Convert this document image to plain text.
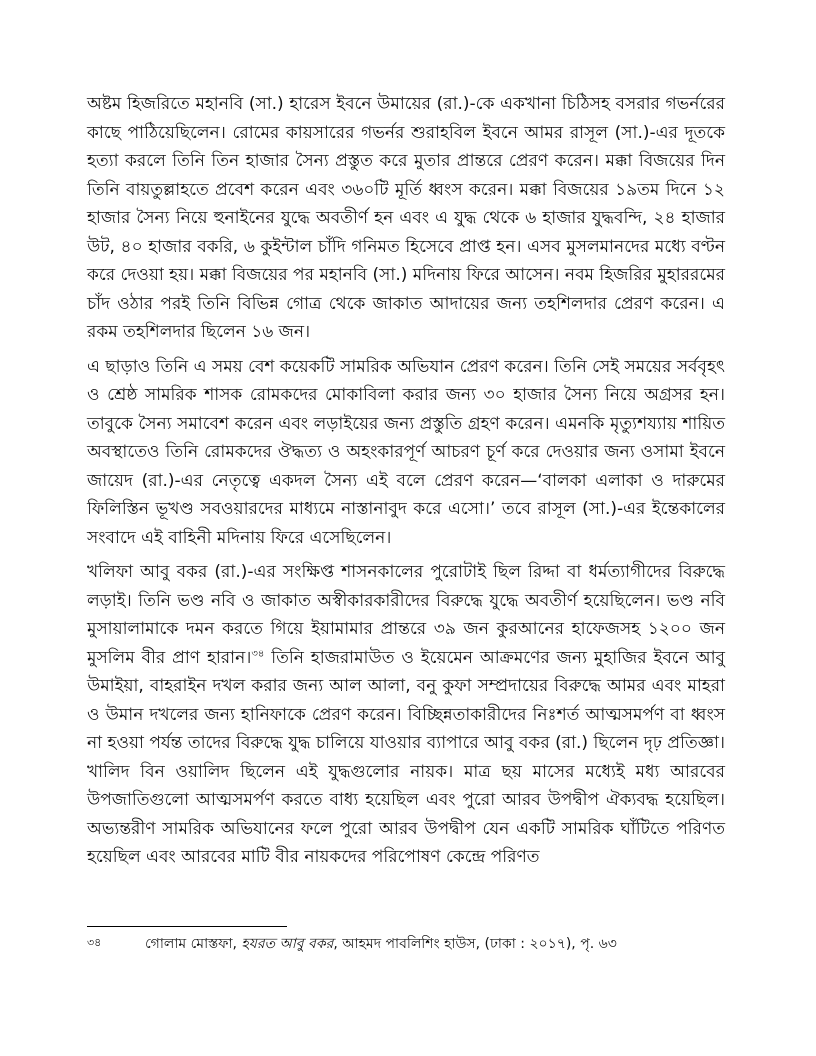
অষ্টম হিজরিতে মহানবি (সা.) হারেস ইবনে উমায়ের (রা.)-কে একখানা চিঠিসহ বসরার গভর্নরের কাছে পাঠিয়েছিলেন। রোমের কায়সারের গভর্নর শুরাহবিল ইবনে আমর রাসূল (সা.)-এর দূতকে হত্যা করলে তিনি তিন হাজার সৈন্য প্রস্তুত করে মুতার প্রান্তরে প্রেরণ করেন। মক্কা বিজয়ের দিন তিনি বায়তুল্লাহতে প্রবেশ করেন এবং ৩৬০টি মূর্তি ধ্বংস করেন। মক্কা বিজয়ের ১৯তম দিনে ১২ হাজার সৈন্য নিয়ে হুনাইনের যুদ্ধে অবতীর্ণ হন এবং এ যুদ্ধ থেকে ৬ হাজার যুদ্ধবন্দি, ২৪ হাজার উট, ৪০ হাজার বকরি, ৬ কুইন্টাল চাঁদি গনিমত হিসেবে প্রাপ্ত হন। এসব মুসলমানদের মধ্যে বণ্টন করে দেওয়া হয়। মক্কা বিজয়ের পর মহানবি (সা.) মদিনায় ফিরে আসেন। নবম হিজরির মুহাররমের চাঁদ ওঠার পরই তিনি বিভিন্ন গোত্র থেকে জাকাত আদায়ের জন্য তহশিলদার প্রেরণ করেন। এ রকম তহশিলদার ছিলেন ১৬ জন।

এ ছাড়াও তিনি এ সময় বেশ কয়েকটি সামরিক অভিযান প্রেরণ করেন। তিনি সেই সময়ের সর্ববৃহৎ ও শ্রেষ্ঠ সামরিক শাসক রোমকদের মোকাবিলা করার জন্য ৩০ হাজার সৈন্য নিয়ে অগ্রসর হন। তাবুকে সৈন্য সমাবেশ করেন এবং লড়াইয়ের জন্য প্রস্তুতি গ্রহণ করেন। এমনকি মৃত্যুশয্যায় শায়িত অবস্থাতেও তিনি রোমকদের ঔদ্ধত্য ও অহংকারপূর্ণ আচরণ চূর্ণ করে দেওয়ার জন্য ওসামা ইবনে জায়েদ (রা.)-এর নেতৃত্বে একদল সৈন্য এই বলে প্রেরণ করেন—‘বালকা এলাকা ও দারুমের ফিলিস্তিন ভূখণ্ড সবওয়ারদের মাধ্যমে নাস্তানাবুদ করে এসো।’ তবে রাসূল (সা.)-এর ইন্তেকালের সংবাদে এই বাহিনী মদিনায় ফিরে এসেছিলেন।

খলিফা আবু বকর (রা.)-এর সংক্ষিপ্ত শাসনকালের পুরোটাই ছিল রিদ্দা বা ধর্মত্যাগীদের বিরুদ্ধে লড়াই। তিনি ভণ্ড নবি ও জাকাত অস্বীকারকারীদের বিরুদ্ধে যুদ্ধে অবতীর্ণ হয়েছিলেন। ভণ্ড নবি মুসায়ালামাকে দমন করতে গিয়ে ইয়ামামার প্রান্তরে ৩৯ জন কুরআনের হাফেজসহ ১২০০ জন মুসলিম বীর প্রাণ হারান।$^{৩৪}$ তিনি হাজরামাউত ও ইয়েমেন আক্রমণের জন্য মুহাজির ইবনে আবু উমাইয়া, বাহরাইন দখল করার জন্য আল আলা, বনু কুফা সম্প্রদায়ের বিরুদ্ধে আমর এবং মাহরা ও উমান দখলের জন্য হানিফাকে প্রেরণ করেন। বিচ্ছিন্নতাকারীদের নিঃশর্ত আত্মসমর্পণ বা ধ্বংস না হওয়া পর্যন্ত তাদের বিরুদ্ধে যুদ্ধ চালিয়ে যাওয়ার ব্যাপারে আবু বকর (রা.) ছিলেন দৃঢ় প্রতিজ্ঞা। খালিদ বিন ওয়ালিদ ছিলেন এই যুদ্ধগুলোর নায়ক। মাত্র ছয় মাসের মধ্যেই মধ্য আরবের উপজাতিগুলো আত্মসমর্পণ করতে বাধ্য হয়েছিল এবং পুরো আরব উপদ্বীপ ঐক্যবদ্ধ হয়েছিল। অভ্যন্তরীণ সামরিক অভিযানের ফলে পুরো আরব উপদ্বীপ যেন একটি সামরিক ঘাঁটিতে পরিণত হয়েছিল এবং আরবের মাটি বীর নায়কদের পরিপোষণ কেন্দ্রে পরিণত

৩৪	গোলাম মোস্তফা, হযরত আবু বকর, আহমদ পাবলিশিং হাউস, (ঢাকা : ২০১৭), পৃ. ৬৩
